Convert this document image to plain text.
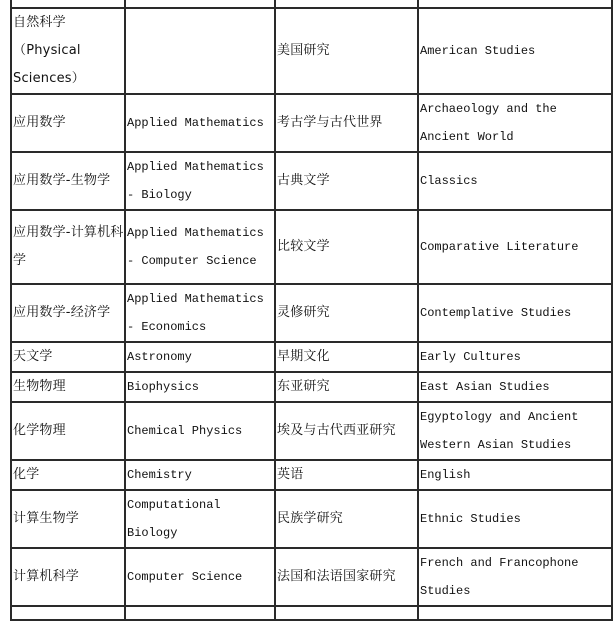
自然科学（Physical Sciences）		美国研究	American Studies
应用数学	Applied Mathematics	考古学与古代世界	Archaeology and the Ancient World
应用数学-生物学	Applied Mathematics - Biology	古典文学	Classics
应用数学-计算机科学	Applied Mathematics - Computer Science	比较文学	Comparative Literature
应用数学-经济学	Applied Mathematics - Economics	灵修研究	Contemplative Studies
天文学	Astronomy	早期文化	Early Cultures
生物物理	Biophysics	东亚研究	East Asian Studies
化学物理	Chemical Physics	埃及与古代西亚研究	Egyptology and Ancient Western Asian Studies
化学	Chemistry	英语	English
计算生物学	Computational Biology	民族学研究	Ethnic Studies
计算机科学	Computer Science	法国和法语国家研究	French and Francophone Studies
